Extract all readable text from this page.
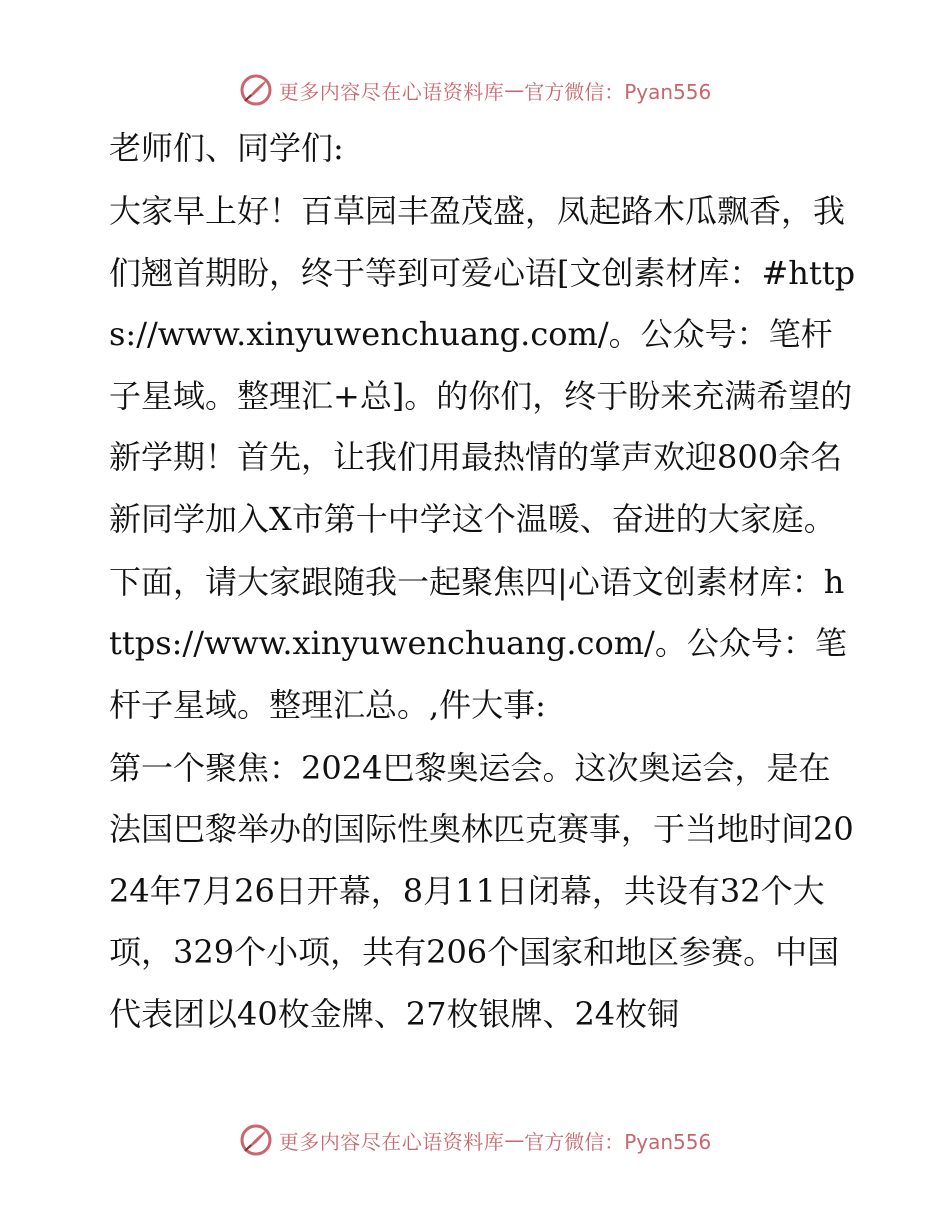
更多内容尽在心语资料库 — 官方微信：Pyan556

老师们、同学们:

大家早上好！百草园丰盈茂盛，凤起路木瓜飘香，我们翘首期盼，终于等到可爱心语[文创素材库：#https://www.xinyuwenchuang.com/。公众号：笔杆子星域。整理汇+总]。的你们，终于盼来充满希望的新学期！首先，让我们用最热情的掌声欢迎800余名新同学加入X市第十中学这个温暖、奋进的大家庭。

下面，请大家跟随我一起聚焦四|心语文创素材库：https://www.xinyuwenchuang.com/。公众号：笔杆子星域。整理汇总。,件大事:

第一个聚焦：2024巴黎奥运会。这次奥运会，是在法国巴黎举办的国际性奥林匹克赛事，于当地时间2024年7月26日开幕，8月11日闭幕，共设有32个大项，329个小项，共有206个国家和地区参赛。中国代表团以40枚金牌、27枚银牌、24枚铜

更多内容尽在心语资料库 — 官方微信：Pyan556
